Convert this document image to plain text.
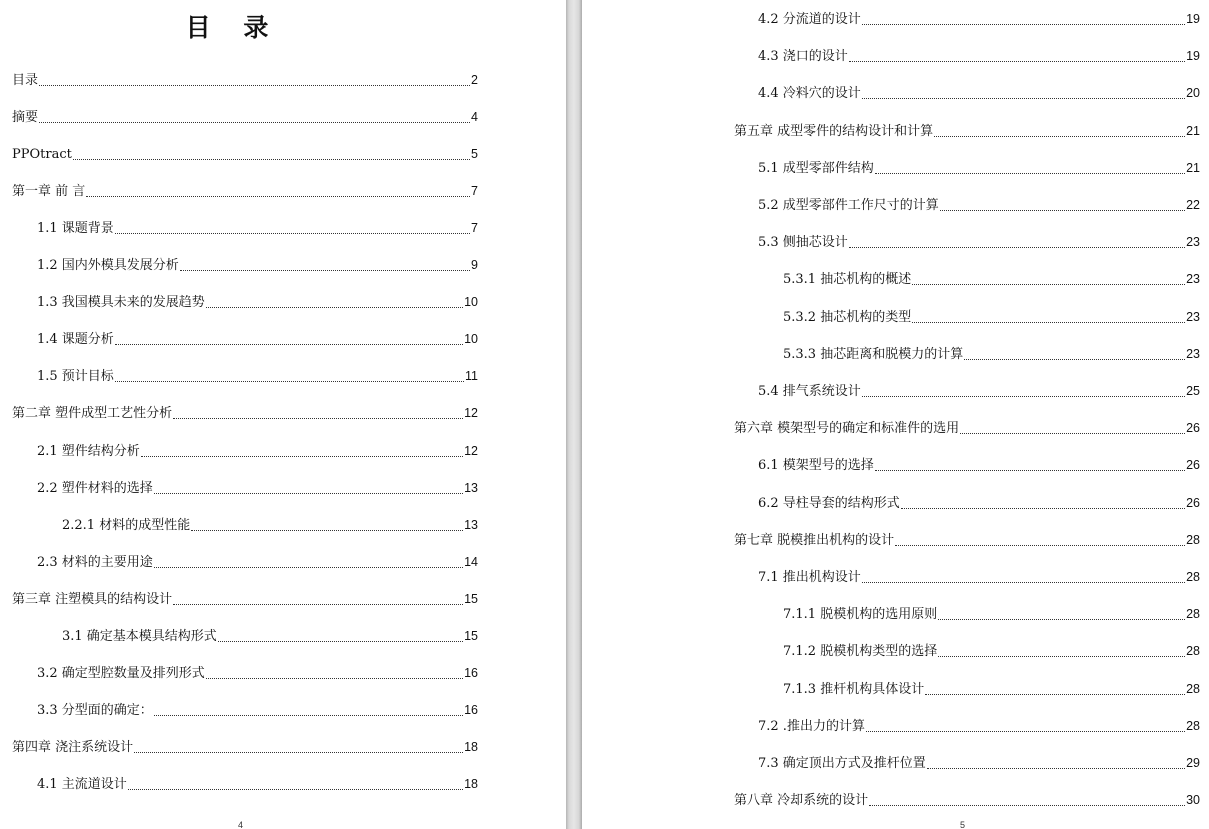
目 录
目录	2
摘要	4
PPOtract	5
第一章 前 言	7
1.1 课题背景	7
1.2 国内外模具发展分析	9
1.3 我国模具未来的发展趋势	10
1.4 课题分析	10
1.5 预计目标	11
第二章 塑件成型工艺性分析	12
2.1 塑件结构分析	12
2.2 塑件材料的选择	13
2.2.1 材料的成型性能	13
2.3 材料的主要用途	14
第三章 注塑模具的结构设计	15
3.1 确定基本模具结构形式	15
3.2 确定型腔数量及排列形式	16
3.3 分型面的确定：	16
第四章 浇注系统设计	18
4.1 主流道设计	18
4
4.2 分流道的设计	19
4.3 浇口的设计	19
4.4 冷料穴的设计	20
第五章 成型零件的结构设计和计算	21
5.1 成型零部件结构	21
5.2 成型零部件工作尺寸的计算	22
5.3 侧抽芯设计	23
5.3.1 抽芯机构的概述	23
5.3.2 抽芯机构的类型	23
5.3.3 抽芯距离和脱模力的计算	23
5.4 排气系统设计	25
第六章 模架型号的确定和标准件的选用	26
6.1 模架型号的选择	26
6.2 导柱导套的结构形式	26
第七章 脱模推出机构的设计	28
7.1 推出机构设计	28
7.1.1 脱模机构的选用原则	28
7.1.2 脱模机构类型的选择	28
7.1.3 推杆机构具体设计	28
7.2 .推出力的计算	28
7.3 确定顶出方式及推杆位置	29
第八章 冷却系统的设计	30
5
